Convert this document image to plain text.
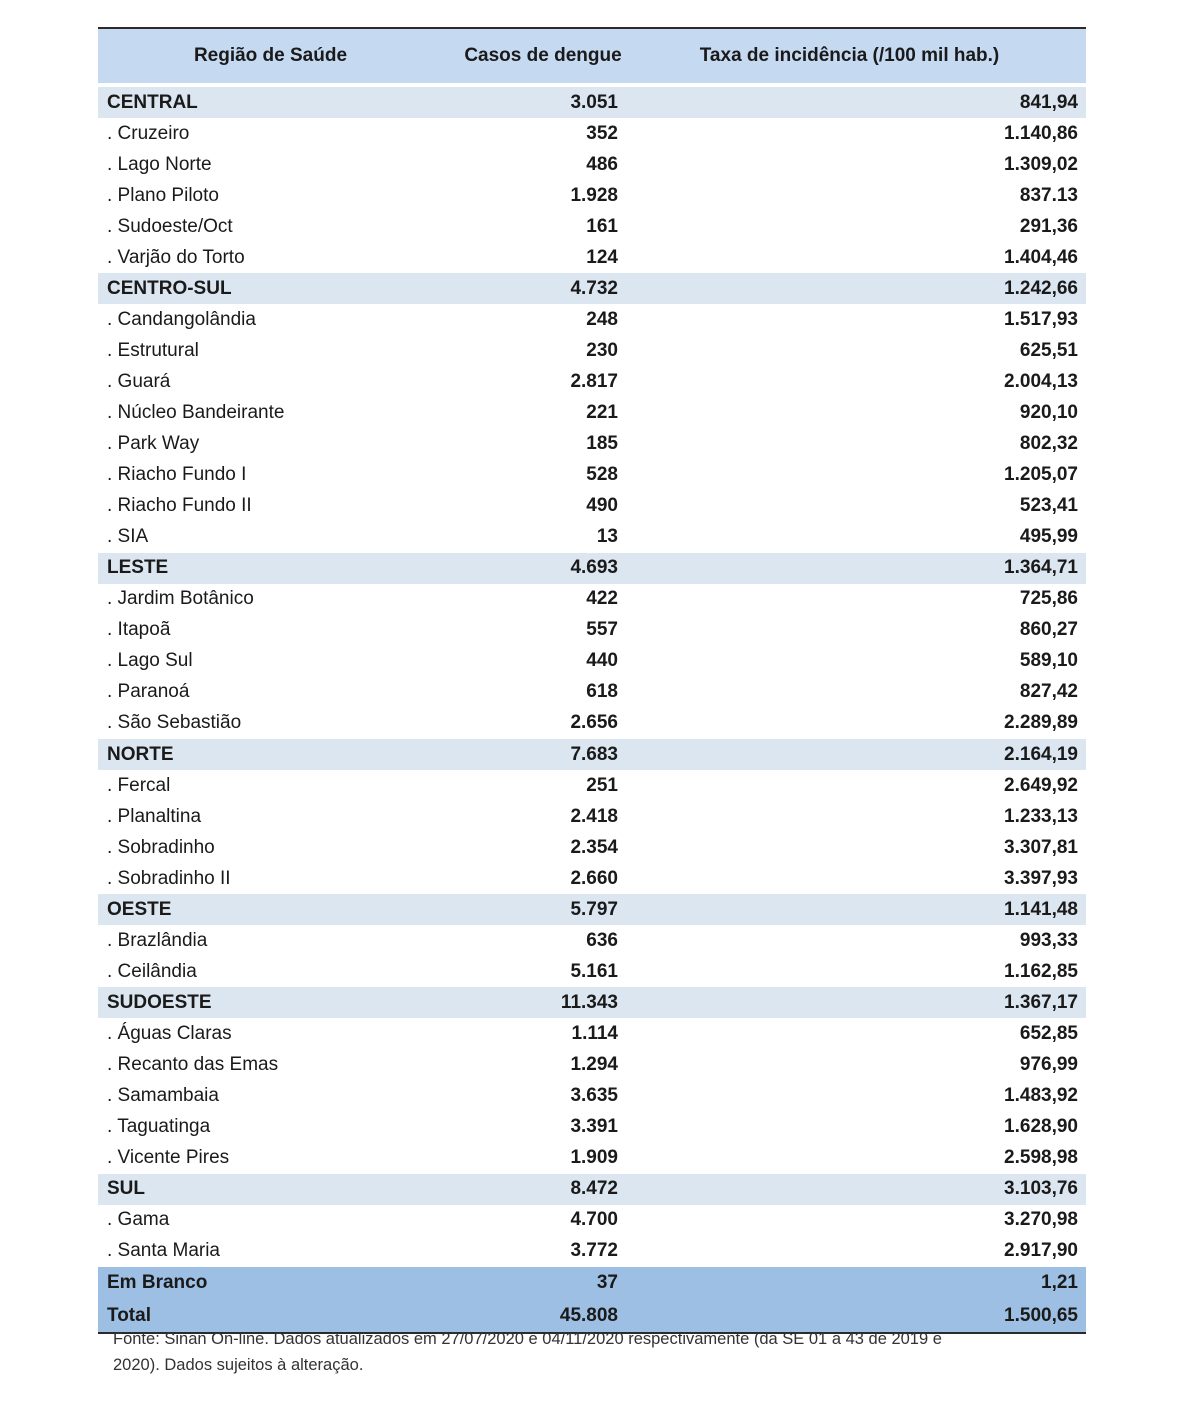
Região de Saúde	Casos de dengue	Taxa de incidência (/100 mil hab.)
CENTRAL	3.051	841,94
. Cruzeiro	352	1.140,86
. Lago Norte	486	1.309,02
. Plano Piloto	1.928	837.13
. Sudoeste/Oct	161	291,36
. Varjão do Torto	124	1.404,46
CENTRO-SUL	4.732	1.242,66
. Candangolândia	248	1.517,93
. Estrutural	230	625,51
. Guará	2.817	2.004,13
. Núcleo Bandeirante	221	920,10
. Park Way	185	802,32
. Riacho Fundo I	528	1.205,07
. Riacho Fundo II	490	523,41
. SIA	13	495,99
LESTE	4.693	1.364,71
. Jardim Botânico	422	725,86
. Itapoã	557	860,27
. Lago Sul	440	589,10
. Paranoá	618	827,42
. São Sebastião	2.656	2.289,89
NORTE	7.683	2.164,19
. Fercal	251	2.649,92
. Planaltina	2.418	1.233,13
. Sobradinho	2.354	3.307,81
. Sobradinho II	2.660	3.397,93
OESTE	5.797	1.141,48
. Brazlândia	636	993,33
. Ceilândia	5.161	1.162,85
SUDOESTE	11.343	1.367,17
. Águas Claras	1.114	652,85
. Recanto das Emas	1.294	976,99
. Samambaia	3.635	1.483,92
. Taguatinga	3.391	1.628,90
. Vicente Pires	1.909	2.598,98
SUL	8.472	3.103,76
. Gama	4.700	3.270,98
. Santa Maria	3.772	2.917,90
Em Branco	37	1,21
Total	45.808	1.500,65
Fonte: Sinan On-line. Dados atualizados em 27/07/2020 e 04/11/2020 respectivamente (da SE 01 a 43 de 2019 e
2020). Dados sujeitos à alteração.
